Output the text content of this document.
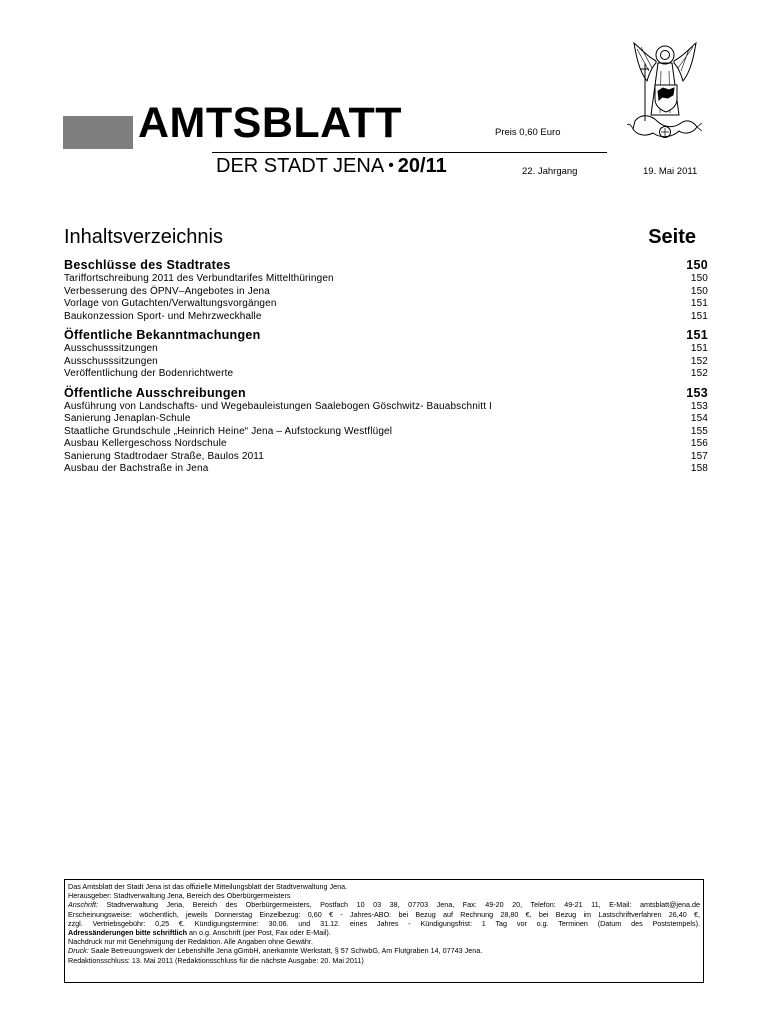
AMTSBLATT	Preis 0,60 Euro
DER STADT JENA • 20/11	22. Jahrgang	19. Mai 2011
Inhaltsverzeichnis	Seite
Beschlüsse des Stadtrates	150
Tariffortschreibung 2011 des Verbundtarifes Mittelthüringen	150
Verbesserung des ÖPNV–Angebotes in Jena	150
Vorlage von Gutachten/Verwaltungsvorgängen	151
Baukonzession Sport- und Mehrzweckhalle	151
Öffentliche Bekanntmachungen	151
Ausschusssitzungen	151
Ausschusssitzungen	152
Veröffentlichung der Bodenrichtwerte	152
Öffentliche Ausschreibungen	153
Ausführung von Landschafts- und Wegebauleistungen Saalebogen Göschwitz- Bauabschnitt I	153
Sanierung Jenaplan-Schule	154
Staatliche Grundschule „Heinrich Heine“ Jena – Aufstockung Westflügel	155
Ausbau Kellergeschoss Nordschule	156
Sanierung Stadtrodaer Straße, Baulos 2011	157
Ausbau der Bachstraße in Jena	158
Das Amtsblatt der Stadt Jena ist das offizielle Mitteilungsblatt der Stadtverwaltung Jena.
Herausgeber: Stadtverwaltung Jena, Bereich des Oberbürgermeisters
Anschrift: Stadtverwaltung Jena, Bereich des Oberbürgermeisters, Postfach 10 03 38, 07703 Jena, Fax: 49-20 20, Telefon: 49-21 11, E-Mail: amtsblatt@jena.de
Erscheinungsweise: wöchentlich, jeweils Donnerstag Einzelbezug: 0,60 € - Jahres-ABO: bei Bezug auf Rechnung 28,80 €, bei Bezug im Lastschriftverfahren 26,40 €,
zzgl. Vertriebsgebühr: 0,25 €. Kündigungstermine: 30.06. und 31.12. eines Jahres - Kündigungsfrist: 1 Tag vor o.g. Terminen (Datum des Poststempels).
Adressänderungen bitte schriftlich an o.g. Anschrift (per Post, Fax oder E-Mail).
Nachdruck nur mit Genehmigung der Redaktion. Alle Angaben ohne Gewähr.
Druck: Saale Betreuungswerk der Lebenshilfe Jena gGmbH, anerkannte Werkstatt, § 57 SchwbG, Am Flutgraben 14, 07743 Jena.
Redaktionsschluss: 13. Mai 2011 (Redaktionsschluss für die nächste Ausgabe: 20. Mai 2011)
